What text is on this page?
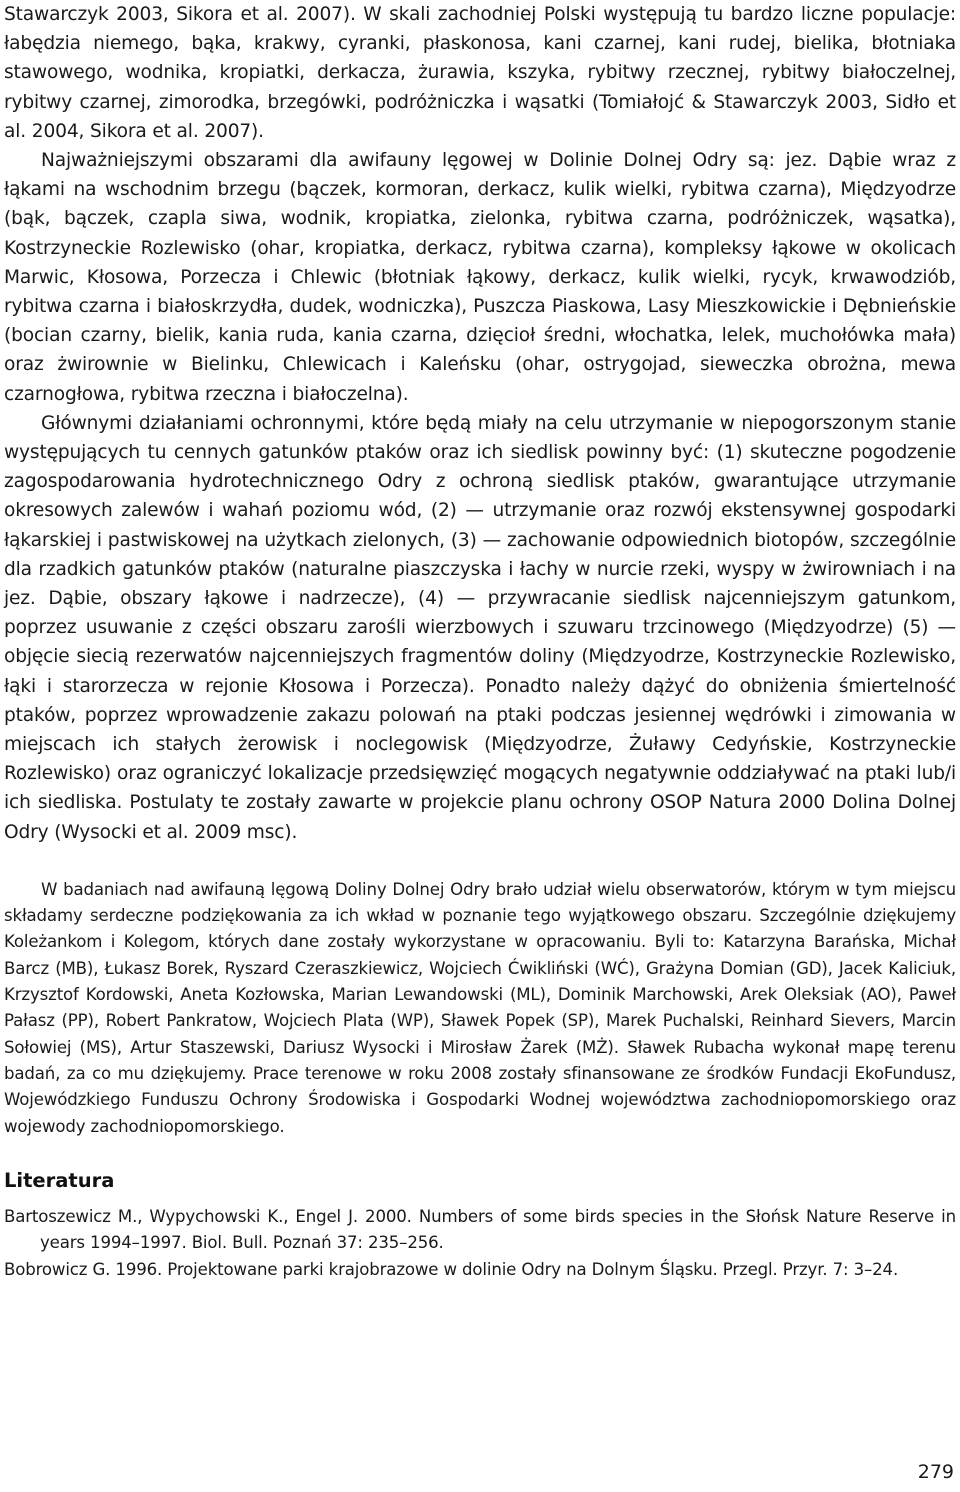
Stawarczyk 2003, Sikora et al. 2007). W skali zachodniej Polski występują tu bardzo liczne populacje: łabędzia niemego, bąka, krakwy, cyranki, płaskonosa, kani czarnej, kani rudej, bielika, błotniaka stawowego, wodnika, kropiatki, derkacza, żurawia, kszyka, rybitwy rzecznej, rybitwy białoczelnej, rybitwy czarnej, zimorodka, brzegówki, podróżniczka i wąsatki (Tomiałojć & Stawarczyk 2003, Sidło et al. 2004, Sikora et al. 2007).

Najważniejszymi obszarami dla awifauny lęgowej w Dolinie Dolnej Odry są: jez. Dąbie wraz z łąkami na wschodnim brzegu (bączek, kormoran, derkacz, kulik wielki, rybitwa czarna), Międzyodrze (bąk, bączek, czapla siwa, wodnik, kropiatka, zielonka, rybitwa czarna, podróżniczek, wąsatka), Kostrzyneckie Rozlewisko (ohar, kropiatka, derkacz, rybitwa czarna), kompleksy łąkowe w okolicach Marwic, Kłosowa, Porzecza i Chlewic (błotniak łąkowy, derkacz, kulik wielki, rycyk, krwawodziób, rybitwa czarna i białoskrzydła, dudek, wodniczka), Puszcza Piaskowa, Lasy Mieszkowickie i Dębnieńskie (bocian czarny, bielik, kania ruda, kania czarna, dzięcioł średni, włochatka, lelek, muchołówka mała) oraz żwirownie w Bielinku, Chlewicach i Kaleńsku (ohar, ostrygojad, sieweczka obrożna, mewa czarnogłowa, rybitwa rzeczna i białoczelna).

Głównymi działaniami ochronnymi, które będą miały na celu utrzymanie w niepogorszonym stanie występujących tu cennych gatunków ptaków oraz ich siedlisk powinny być: (1) skuteczne pogodzenie zagospodarowania hydrotechnicznego Odry z ochroną siedlisk ptaków, gwarantujące utrzymanie okresowych zalewów i wahań poziomu wód, (2) — utrzymanie oraz rozwój ekstensywnej gospodarki łąkarskiej i pastwiskowej na użytkach zielonych, (3) — zachowanie odpowiednich biotopów, szczególnie dla rzadkich gatunków ptaków (naturalne piaszczyska i łachy w nurcie rzeki, wyspy w żwirowniach i na jez. Dąbie, obszary łąkowe i nadrzecze), (4) — przywracanie siedlisk najcenniejszym gatunkom, poprzez usuwanie z części obszaru zarośli wierzbowych i szuwaru trzcinowego (Międzyodrze) (5) — objęcie siecią rezerwatów najcenniejszych fragmentów doliny (Międzyodrze, Kostrzyneckie Rozlewisko, łąki i starorzecza w rejonie Kłosowa i Porzecza). Ponadto należy dążyć do obniżenia śmiertelność ptaków, poprzez wprowadzenie zakazu polowań na ptaki podczas jesiennej wędrówki i zimowania w miejscach ich stałych żerowisk i noclegowisk (Międzyodrze, Żuławy Cedyńskie, Kostrzyneckie Rozlewisko) oraz ograniczyć lokalizacje przedsięwzięć mogących negatywnie oddziaływać na ptaki lub/i ich siedliska. Postulaty te zostały zawarte w projekcie planu ochrony OSOP Natura 2000 Dolina Dolnej Odry (Wysocki et al. 2009 msc).

W badaniach nad awifauną lęgową Doliny Dolnej Odry brało udział wielu obserwatorów, którym w tym miejscu składamy serdeczne podziękowania za ich wkład w poznanie tego wyjątkowego obszaru. Szczególnie dziękujemy Koleżankom i Kolegom, których dane zostały wykorzystane w opracowaniu. Byli to: Katarzyna Barańska, Michał Barcz (MB), Łukasz Borek, Ryszard Czeraszkiewicz, Wojciech Ćwikliński (WĆ), Grażyna Domian (GD), Jacek Kaliciuk, Krzysztof Kordowski, Aneta Kozłowska, Marian Lewandowski (ML), Dominik Marchowski, Arek Oleksiak (AO), Paweł Pałasz (PP), Robert Pankratow, Wojciech Plata (WP), Sławek Popek (SP), Marek Puchalski, Reinhard Sievers, Marcin Sołowiej (MS), Artur Staszewski, Dariusz Wysocki i Mirosław Żarek (MŻ). Sławek Rubacha wykonał mapę terenu badań, za co mu dziękujemy. Prace terenowe w roku 2008 zostały sfinansowane ze środków Fundacji EkoFundusz, Wojewódzkiego Funduszu Ochrony Środowiska i Gospodarki Wodnej województwa zachodniopomorskiego oraz wojewody zachodniopomorskiego.

Literatura

Bartoszewicz M., Wypychowski K., Engel J. 2000. Numbers of some birds species in the Słońsk Nature Reserve in years 1994–1997. Biol. Bull. Poznań 37: 235–256.

Bobrowicz G. 1996. Projektowane parki krajobrazowe w dolinie Odry na Dolnym Śląsku. Przegl. Przyr. 7: 3–24.

279
